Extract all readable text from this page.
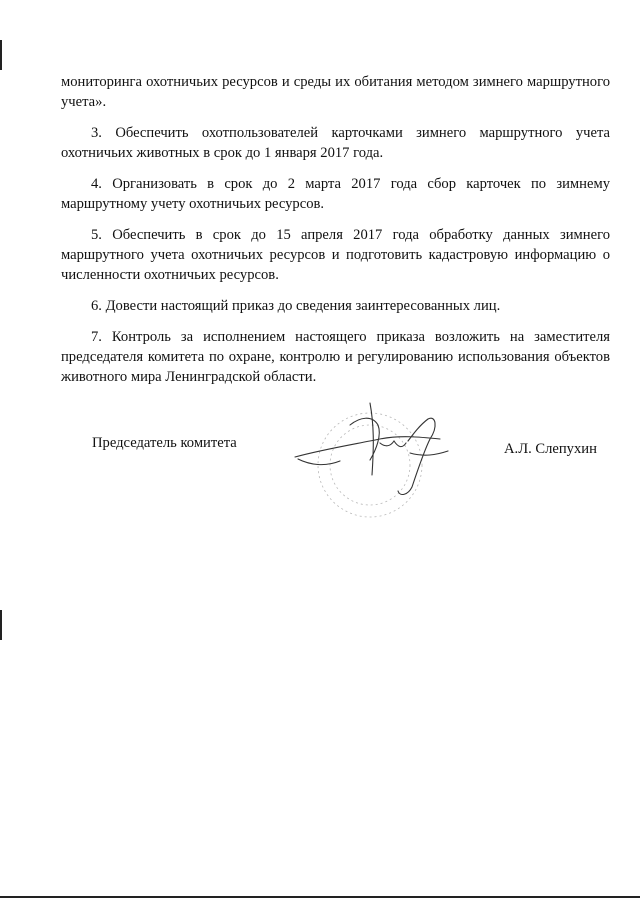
мониторинга охотничьих ресурсов и среды их обитания методом зимнего маршрутного учета».

3. Обеспечить охотпользователей карточками зимнего маршрутного учета охотничьих животных в срок до 1 января 2017 года.

4. Организовать в срок до 2 марта 2017 года сбор карточек по зимнему маршрутному учету охотничьих ресурсов.

5. Обеспечить в срок до 15 апреля 2017 года обработку данных зимнего маршрутного учета охотничьих ресурсов и подготовить кадастровую информацию о численности охотничьих ресурсов.

6. Довести настоящий приказ до сведения заинтересованных лиц.

7. Контроль за исполнением настоящего приказа возложить на заместителя председателя комитета по охране, контролю и регулированию использования объектов животного мира Ленинградской области.

Председатель комитета	А.Л. Слепухин
